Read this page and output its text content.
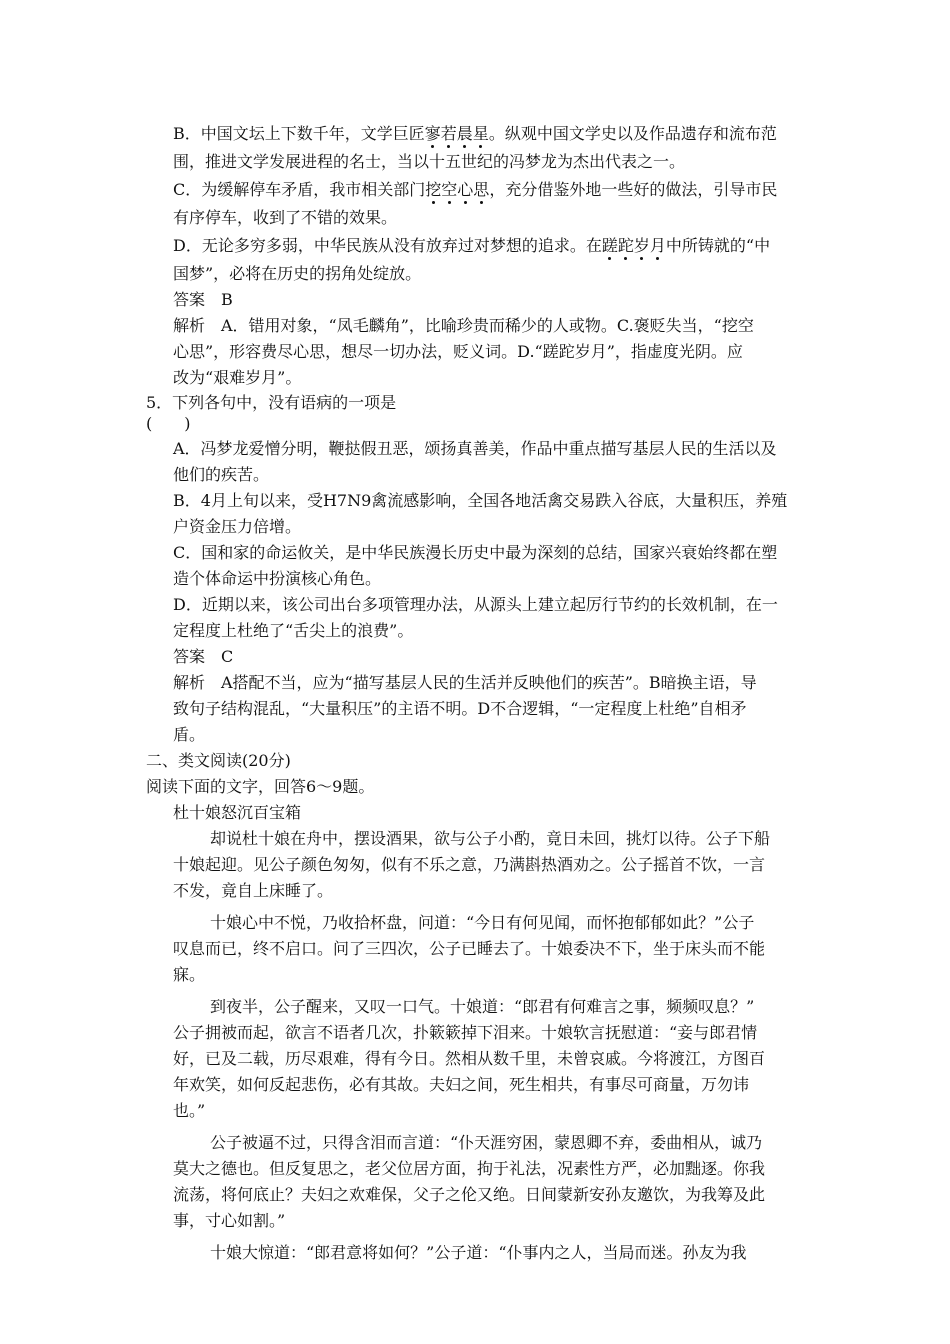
B．中国文坛上下数千年，文学巨匠寥若晨星。纵观中国文学史以及作品遗存和流布范
围，推进文学发展进程的名士，当以十五世纪的冯梦龙为杰出代表之一。
C．为缓解停车矛盾，我市相关部门挖空心思，充分借鉴外地一些好的做法，引导市民
有序停车，收到了不错的效果。
D．无论多穷多弱，中华民族从没有放弃过对梦想的追求。在蹉跎岁月中所铸就的“中
国梦”，必将在历史的拐角处绽放。
答案　B
解析　A．错用对象，“凤毛麟角”，比喻珍贵而稀少的人或物。C.褒贬失当，“挖空
心思”，形容费尽心思，想尽一切办法，贬义词。D.“蹉跎岁月”，指虚度光阴。应
改为“艰难岁月”。
5．下列各句中，没有语病的一项是
(　　)
A．冯梦龙爱憎分明，鞭挞假丑恶，颂扬真善美，作品中重点描写基层人民的生活以及
他们的疾苦。
B．4月上旬以来，受H7N9禽流感影响，全国各地活禽交易跌入谷底，大量积压，养殖
户资金压力倍增。
C．国和家的命运攸关，是中华民族漫长历史中最为深刻的总结，国家兴衰始终都在塑
造个体命运中扮演核心角色。
D．近期以来，该公司出台多项管理办法，从源头上建立起厉行节约的长效机制，在一
定程度上杜绝了“舌尖上的浪费”。
答案　C
解析　A搭配不当，应为“描写基层人民的生活并反映他们的疾苦”。B暗换主语，导
致句子结构混乱，“大量积压”的主语不明。D不合逻辑，“一定程度上杜绝”自相矛
盾。
二、类文阅读(20分)
阅读下面的文字，回答6～9题。
杜十娘怒沉百宝箱
却说杜十娘在舟中，摆设酒果，欲与公子小酌，竟日未回，挑灯以待。公子下船
十娘起迎。见公子颜色匆匆，似有不乐之意，乃满斟热酒劝之。公子摇首不饮，一言
不发，竟自上床睡了。
十娘心中不悦，乃收拾杯盘，问道：“今日有何见闻，而怀抱郁郁如此？”公子
叹息而已，终不启口。问了三四次，公子已睡去了。十娘委决不下，坐于床头而不能
寐。
到夜半，公子醒来，又叹一口气。十娘道：“郎君有何难言之事，频频叹息？”
公子拥被而起，欲言不语者几次，扑簌簌掉下泪来。十娘软言抚慰道：“妾与郎君情
好，已及二载，历尽艰难，得有今日。然相从数千里，未曾哀戚。今将渡江，方图百
年欢笑，如何反起悲伤，必有其故。夫妇之间，死生相共，有事尽可商量，万勿讳
也。”
公子被逼不过，只得含泪而言道：“仆天涯穷困，蒙恩卿不弃，委曲相从，诚乃
莫大之德也。但反复思之，老父位居方面，拘于礼法，况素性方严，必加黜逐。你我
流荡，将何底止？夫妇之欢难保，父子之伦又绝。日间蒙新安孙友邀饮，为我筹及此
事，寸心如割。”
十娘大惊道：“郎君意将如何？”公子道：“仆事内之人，当局而迷。孙友为我
